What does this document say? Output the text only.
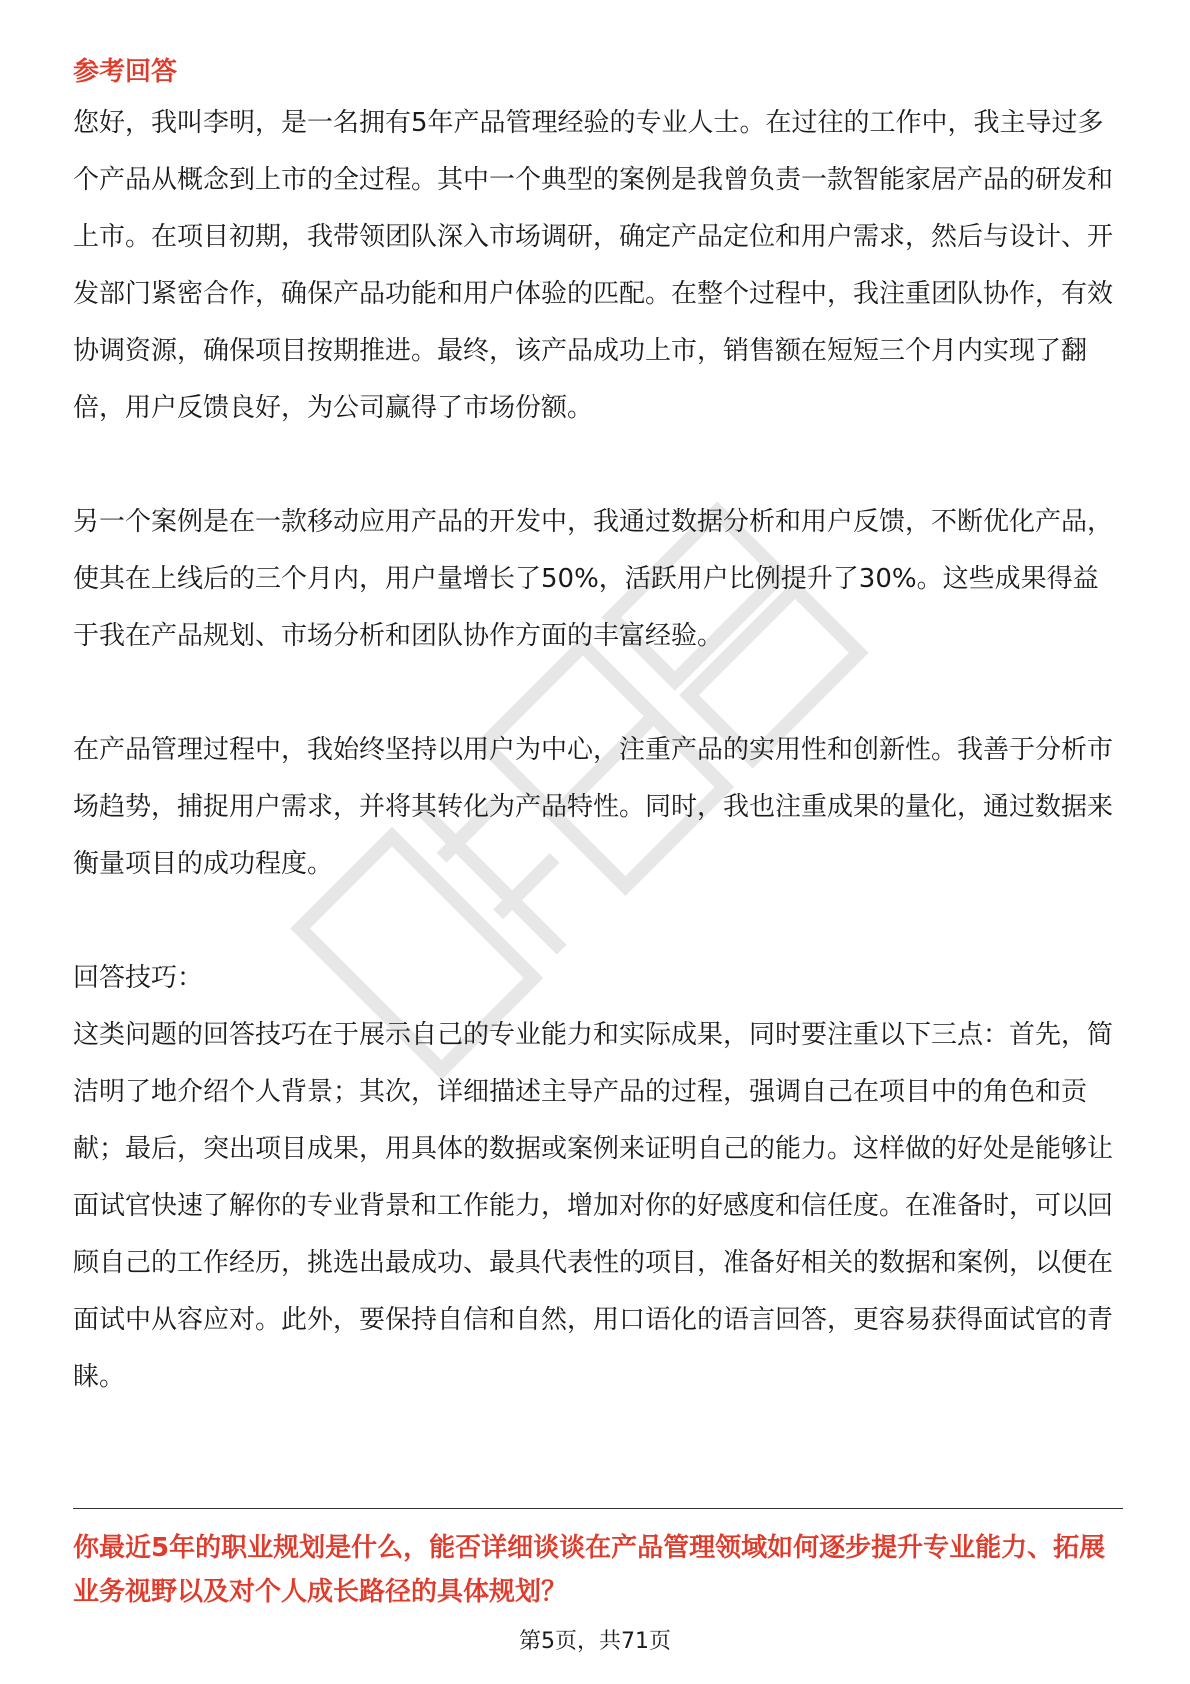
参考回答

您好，我叫李明，是一名拥有5年产品管理经验的专业人士。在过往的工作中，我主导过多个产品从概念到上市的全过程。其中一个典型的案例是我曾负责一款智能家居产品的研发和上市。在项目初期，我带领团队深入市场调研，确定产品定位和用户需求，然后与设计、开发部门紧密合作，确保产品功能和用户体验的匹配。在整个过程中，我注重团队协作，有效协调资源，确保项目按期推进。最终，该产品成功上市，销售额在短短三个月内实现了翻倍，用户反馈良好，为公司赢得了市场份额。

另一个案例是在一款移动应用产品的开发中，我通过数据分析和用户反馈，不断优化产品，使其在上线后的三个月内，用户量增长了50%，活跃用户比例提升了30%。这些成果得益于我在产品规划、市场分析和团队协作方面的丰富经验。

在产品管理过程中，我始终坚持以用户为中心，注重产品的实用性和创新性。我善于分析市场趋势，捕捉用户需求，并将其转化为产品特性。同时，我也注重成果的量化，通过数据来衡量项目的成功程度。

回答技巧：

这类问题的回答技巧在于展示自己的专业能力和实际成果，同时要注重以下三点：首先，简洁明了地介绍个人背景；其次，详细描述主导产品的过程，强调自己在项目中的角色和贡献；最后，突出项目成果，用具体的数据或案例来证明自己的能力。这样做的好处是能够让面试官快速了解你的专业背景和工作能力，增加对你的好感度和信任度。在准备时，可以回顾自己的工作经历，挑选出最成功、最具代表性的项目，准备好相关的数据和案例，以便在面试中从容应对。此外，要保持自信和自然，用口语化的语言回答，更容易获得面试官的青睐。

你最近5年的职业规划是什么，能否详细谈谈在产品管理领域如何逐步提升专业能力、拓展业务视野以及对个人成长路径的具体规划？

第5页，共71页
